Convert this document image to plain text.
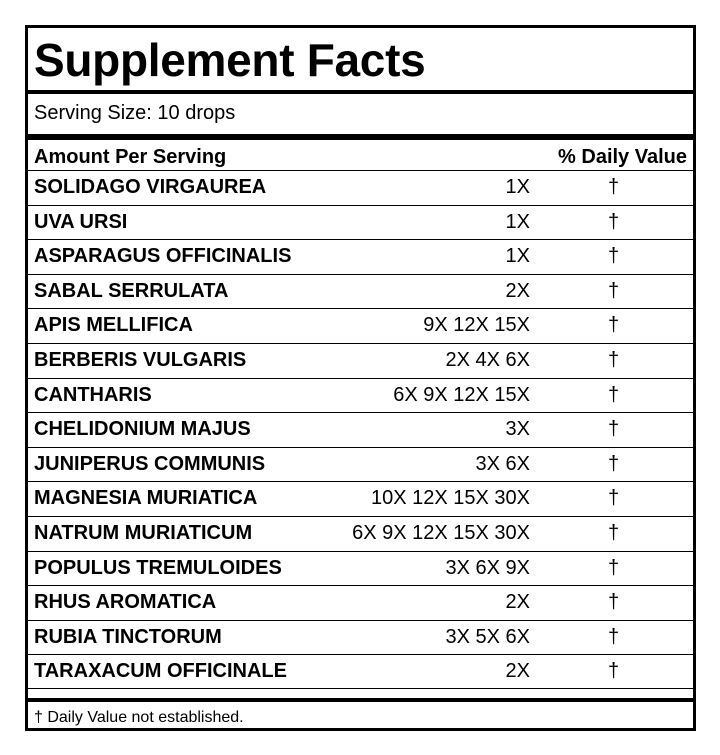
Supplement Facts
Serving Size: 10 drops
Amount Per Serving	% Daily Value
SOLIDAGO VIRGAUREA	1X	†
UVA URSI	1X	†
ASPARAGUS OFFICINALIS	1X	†
SABAL SERRULATA	2X	†
APIS MELLIFICA	9X 12X 15X	†
BERBERIS VULGARIS	2X 4X 6X	†
CANTHARIS	6X 9X 12X 15X	†
CHELIDONIUM MAJUS	3X	†
JUNIPERUS COMMUNIS	3X 6X	†
MAGNESIA MURIATICA	10X 12X 15X 30X	†
NATRUM MURIATICUM	6X 9X 12X 15X 30X	†
POPULUS TREMULOIDES	3X 6X 9X	†
RHUS AROMATICA	2X	†
RUBIA TINCTORUM	3X 5X 6X	†
TARAXACUM OFFICINALE	2X	†
† Daily Value not established.
